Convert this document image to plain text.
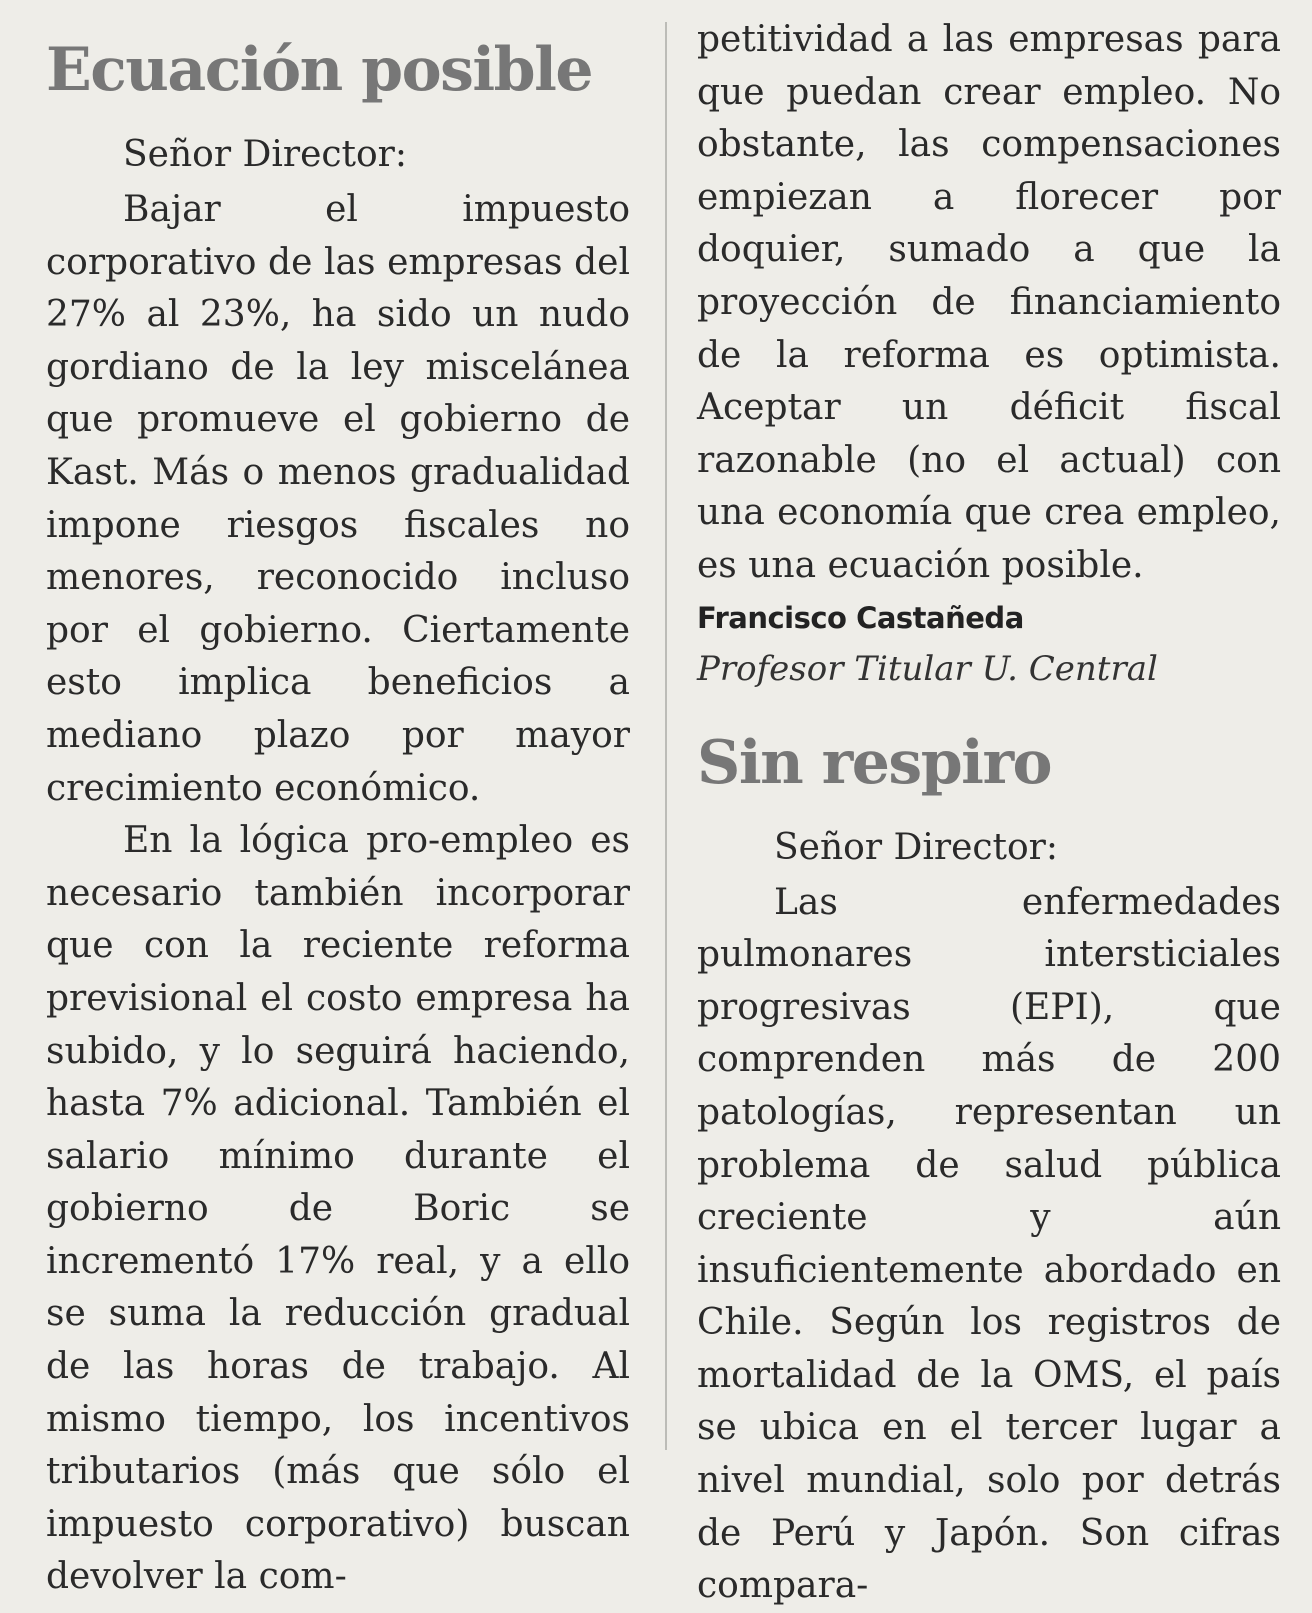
Ecuación posible

Señor Director:

Bajar el impuesto corporativo de las empresas del 27% al 23%, ha sido un nudo gordiano de la ley miscelánea que promueve el gobierno de Kast. Más o menos gradualidad impone riesgos fiscales no menores, reconocido incluso por el gobierno. Ciertamente esto implica beneficios a mediano plazo por mayor crecimiento económico.

En la lógica pro-empleo es necesario también incorporar que con la reciente reforma previsional el costo empresa ha subido, y lo seguirá haciendo, hasta 7% adicional. También el salario mínimo durante el gobierno de Boric se incrementó 17% real, y a ello se suma la reducción gradual de las horas de trabajo. Al mismo tiempo, los incentivos tributarios (más que sólo el impuesto corporativo) buscan devolver la com-

petitividad a las empresas para que puedan crear empleo. No obstante, las compensaciones empiezan a florecer por doquier, sumado a que la proyección de financiamiento de la reforma es optimista. Aceptar un déficit fiscal razonable (no el actual) con una economía que crea empleo, es una ecuación posible.

Francisco Castañeda

Profesor Titular U. Central

Sin respiro

Señor Director:

Las enfermedades pulmonares intersticiales progresivas (EPI), que comprenden más de 200 patologías, representan un problema de salud pública creciente y aún insuficientemente abordado en Chile. Según los registros de mortalidad de la OMS, el país se ubica en el tercer lugar a nivel mundial, solo por detrás de Perú y Japón. Son cifras compara-
